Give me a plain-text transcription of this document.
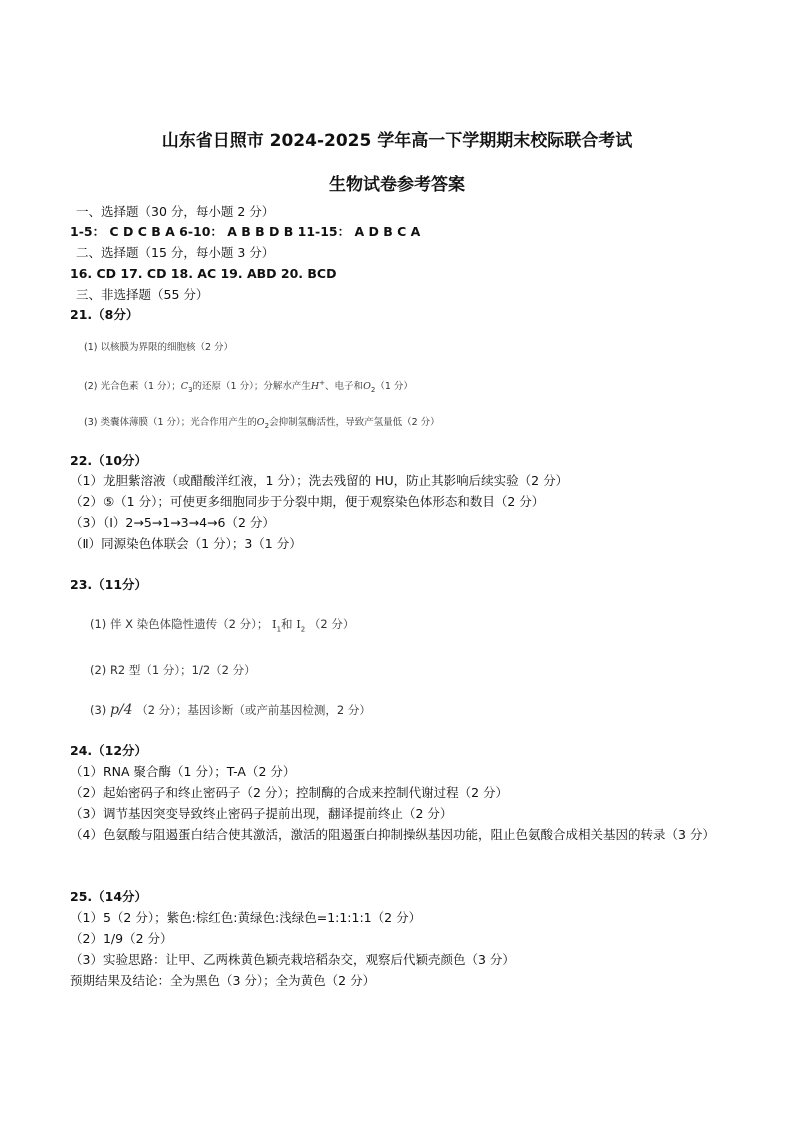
山东省日照市 2024-2025 学年高一下学期期末校际联合考试
生物试卷参考答案
一、选择题（30 分，每小题 2 分）
1-5： C D C B A 6-10： A B B D B 11-15： A D B C A
二、选择题（15 分，每小题 3 分）
16. CD 17. CD 18. AC 19. ABD 20. BCD
三、非选择题（55 分）
21.（8分）
(1) 以核膜为界限的细胞核（2 分）
(2) 光合色素（1 分）；$C_3$的还原（1 分）；分解水产生H+、电子和$O_2(1$ 分）
(3) 类囊体薄膜（1 分）；光合作用产生的$O_2$会抑制氢酶活性，导致产氢量低（2 分）
22.（10分）
（1）龙胆紫溶液（或醋酸洋红液，1 分）；洗去残留的 HU，防止其影响后续实验（2 分）
（2）⑤（1 分）；可使更多细胞同步于分裂中期，便于观察染色体形态和数目（2 分）
（3）（Ⅰ）2→5→1→3→4→6（2 分）
（Ⅱ）同源染色体联会（1 分）；3（1 分）
23.（11分）
(1) 伴 X 染色体隐性遗传（2 分）； $I_1$和 $I_2$ （2 分）
(2) R2 型（1 分）；1/2（2 分）
(3) p/4 （2 分）；基因诊断（或产前基因检测，2 分）
24.（12分）
（1）RNA 聚合酶（1 分）；T-A（2 分）
（2）起始密码子和终止密码子（2 分）；控制酶的合成来控制代谢过程（2 分）
（3）调节基因突变导致终止密码子提前出现，翻译提前终止（2 分）
（4）色氨酸与阻遏蛋白结合使其激活，激活的阻遏蛋白抑制操纵基因功能，阻止色氨酸合成相关基因的转录（3 分）
25.（14分）
（1）5（2 分）；紫色:棕红色:黄绿色:浅绿色=1:1:1:1（2 分）
（2）1/9（2 分）
（3）实验思路：让甲、乙两株黄色颖壳栽培稻杂交，观察后代颖壳颜色（3 分）
预期结果及结论：全为黑色（3 分）；全为黄色（2 分）
